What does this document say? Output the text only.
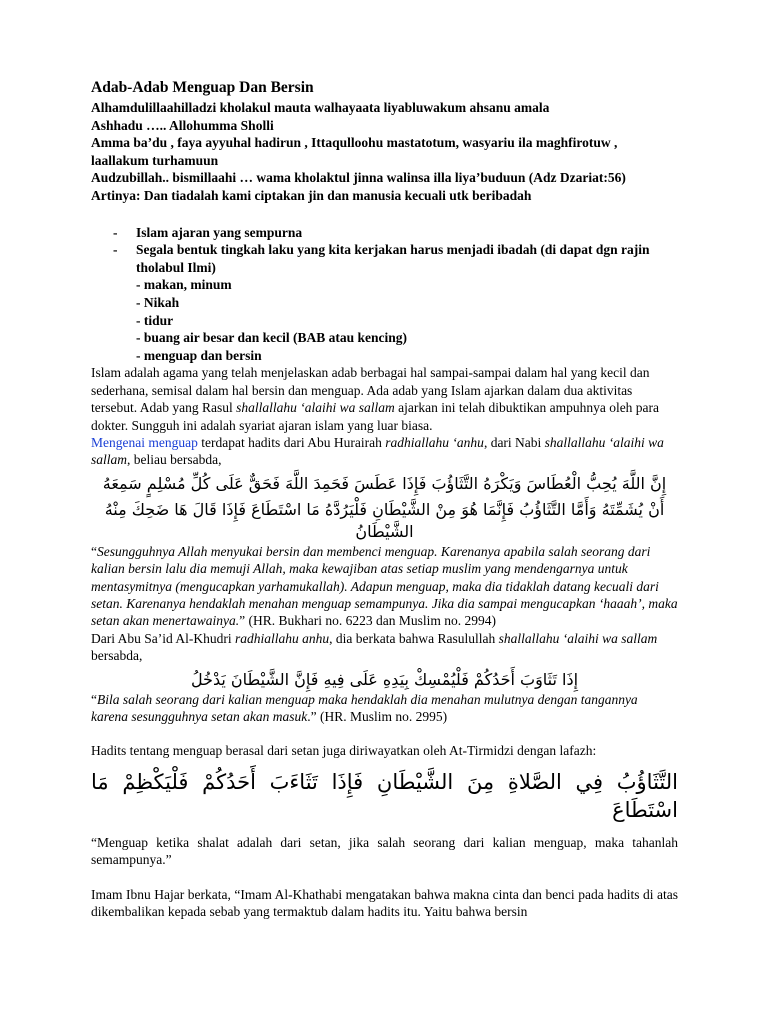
Adab-Adab Menguap Dan Bersin

Alhamdulillaahilladzi kholakul mauta walhayaata liyabluwakum ahsanu amala

Ashhadu ….. Allohumma Sholli

Amma ba’du , faya ayyuhal hadirun , Ittaqulloohu mastatotum, wasyariu ila maghfirotuw , laallakum turhamuun

Audzubillah.. bismillaahi … wama kholaktul jinna walinsa illa liya’buduun (Adz Dzariat:56)

Artinya: Dan tiadalah kami ciptakan jin dan manusia kecuali utk beribadah

- Islam ajaran yang sempurna
- Segala bentuk tingkah laku yang kita kerjakan harus menjadi ibadah (di dapat dgn rajin tholabul Ilmi)
- makan, minum
- Nikah
- tidur
- buang air besar dan kecil (BAB atau kencing)
- menguap dan bersin

Islam adalah agama yang telah menjelaskan adab berbagai hal sampai-sampai dalam hal yang kecil dan sederhana, semisal dalam hal bersin dan menguap. Ada adab yang Islam ajarkan dalam dua aktivitas tersebut. Adab yang Rasul shallallahu ‘alaihi wa sallam ajarkan ini telah dibuktikan ampuhnya oleh para dokter. Sungguh ini adalah syariat ajaran islam yang luar biasa.

Mengenai menguap terdapat hadits dari Abu Hurairah radhiallahu ‘anhu, dari Nabi shallallahu ‘alaihi wa sallam, beliau bersabda,

إِنَّ اللَّهَ يُحِبُّ الْعُطَاسَ وَيَكْرَهُ التَّثَاؤُبَ فَإِذَا عَطَسَ فَحَمِدَ اللَّهَ فَحَقٌّ عَلَى كُلِّ مُسْلِمٍ سَمِعَهُ
أَنْ يُشَمِّتَهُ وَأَمَّا التَّثَاؤُبُ فَإِنَّمَا هُوَ مِنْ الشَّيْطَانِ فَلْيَرُدَّهُ مَا اسْتَطَاعَ فَإِذَا قَالَ هَا ضَحِكَ مِنْهُ الشَّيْطَانُ

“Sesungguhnya Allah menyukai bersin dan membenci menguap. Karenanya apabila salah seorang dari kalian bersin lalu dia memuji Allah, maka kewajiban atas setiap muslim yang mendengarnya untuk mentasymitnya (mengucapkan yarhamukallah). Adapun menguap, maka dia tidaklah datang kecuali dari setan. Karenanya hendaklah menahan menguap semampunya. Jika dia sampai mengucapkan ‘haaah’, maka setan akan menertawainya.” (HR. Bukhari no. 6223 dan Muslim no. 2994)

Dari Abu Sa’id Al-Khudri radhiallahu anhu, dia berkata bahwa Rasulullah shallallahu ‘alaihi wa sallam bersabda,

إِذَا تَثَاوَبَ أَحَدُكُمْ فَلْيُمْسِكْ بِيَدِهِ عَلَى فِيهِ فَإِنَّ الشَّيْطَانَ يَدْخُلُ

“Bila salah seorang dari kalian menguap maka hendaklah dia menahan mulutnya dengan tangannya karena sesungguhnya setan akan masuk.” (HR. Muslim no. 2995)

Hadits tentang menguap berasal dari setan juga diriwayatkan oleh At-Tirmidzi dengan lafazh:

التَّثَاؤُبُ فِي الصَّلاةِ مِنَ الشَّيْطَانِ فَإِذَا تَثَاءَبَ أَحَدُكُمْ فَلْيَكْظِمْ مَا اسْتَطَاعَ

“Menguap ketika shalat adalah dari setan, jika salah seorang dari kalian menguap, maka tahanlah semampunya.”

Imam Ibnu Hajar berkata, “Imam Al-Khathabi mengatakan bahwa makna cinta dan benci pada hadits di atas dikembalikan kepada sebab yang termaktub dalam hadits itu. Yaitu bahwa bersin
